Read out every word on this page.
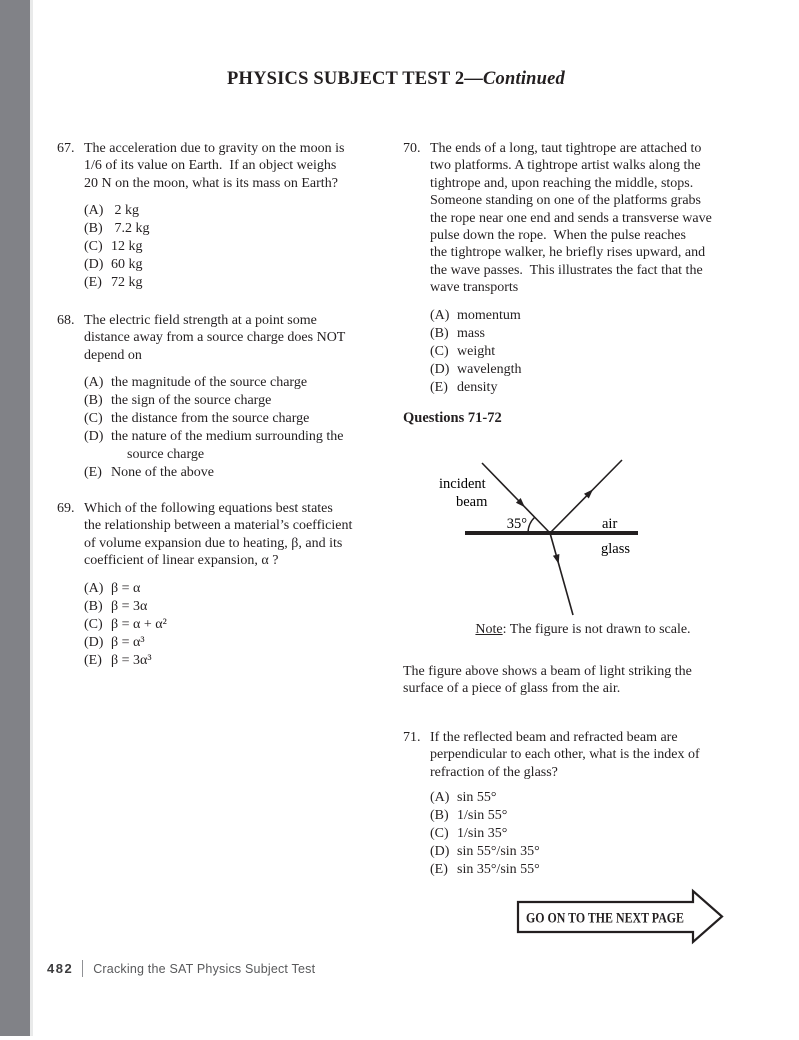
PHYSICS SUBJECT TEST 2—Continued
67. The acceleration due to gravity on the moon is
1/6 of its value on Earth.  If an object weighs
20 N on the moon, what is its mass on Earth?
(A) 2 kg
(B) 7.2 kg
(C) 12 kg
(D) 60 kg
(E) 72 kg
68. The electric field strength at a point some
distance away from a source charge does NOT
depend on
(A) the magnitude of the source charge
(B) the sign of the source charge
(C) the distance from the source charge
(D) the nature of the medium surrounding the
source charge
(E) None of the above
69. Which of the following equations best states
the relationship between a material’s coefficient
of volume expansion due to heating, β, and its
coefficient of linear expansion, α ?
(A) β = α
(B) β = 3α
(C) β = α + α²
(D) β = α³
(E) β = 3α³
70. The ends of a long, taut tightrope are attached to
two platforms. A tightrope artist walks along the
tightrope and, upon reaching the middle, stops.
Someone standing on one of the platforms grabs
the rope near one end and sends a transverse wave
pulse down the rope.  When the pulse reaches
the tightrope walker, he briefly rises upward, and
the wave passes.  This illustrates the fact that the
wave transports
(A) momentum
(B) mass
(C) weight
(D) wavelength
(E) density
Questions 71-72
incident
beam
35°	air
glass
Note: The figure is not drawn to scale.
The figure above shows a beam of light striking the
surface of a piece of glass from the air.
71. If the reflected beam and refracted beam are
perpendicular to each other, what is the index of
refraction of the glass?
(A) sin 55°
(B) 1/sin 55°
(C) 1/sin 35°
(D) sin 55°/sin 35°
(E) sin 35°/sin 55°
GO ON TO THE NEXT PAGE
482 Cracking the SAT Physics Subject Test
